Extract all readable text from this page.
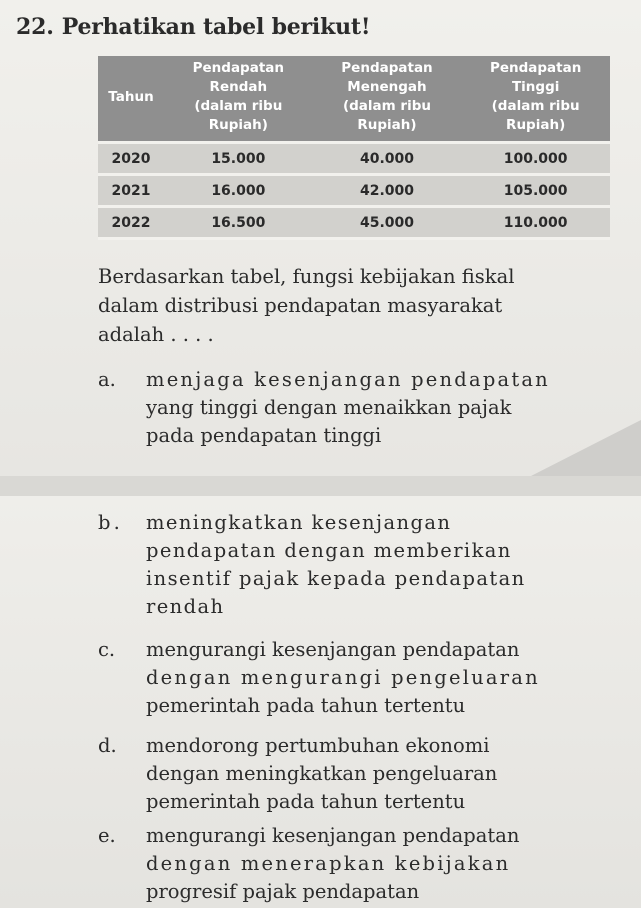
22. Perhatikan tabel berikut!
Tahun	Pendapatan
Rendah
(dalam ribu
Rupiah)	Pendapatan
Menengah
(dalam ribu
Rupiah)	Pendapatan
Tinggi
(dalam ribu
Rupiah)
2020	15.000	40.000	100.000
2021	16.000	42.000	105.000
2022	16.500	45.000	110.000
Berdasarkan tabel, fungsi kebijakan fiskal
dalam distribusi pendapatan masyarakat
adalah . . . .
a. menjaga kesenjangan pendapatan
yang tinggi dengan menaikkan pajak
pada pendapatan tinggi
b. meningkatkan kesenjangan
pendapatan dengan memberikan
insentif pajak kepada pendapatan
rendah
c. mengurangi kesenjangan pendapatan
dengan mengurangi pengeluaran
pemerintah pada tahun tertentu
d. mendorong pertumbuhan ekonomi
dengan meningkatkan pengeluaran
pemerintah pada tahun tertentu
e. mengurangi kesenjangan pendapatan
dengan menerapkan kebijakan
progresif pajak pendapatan
